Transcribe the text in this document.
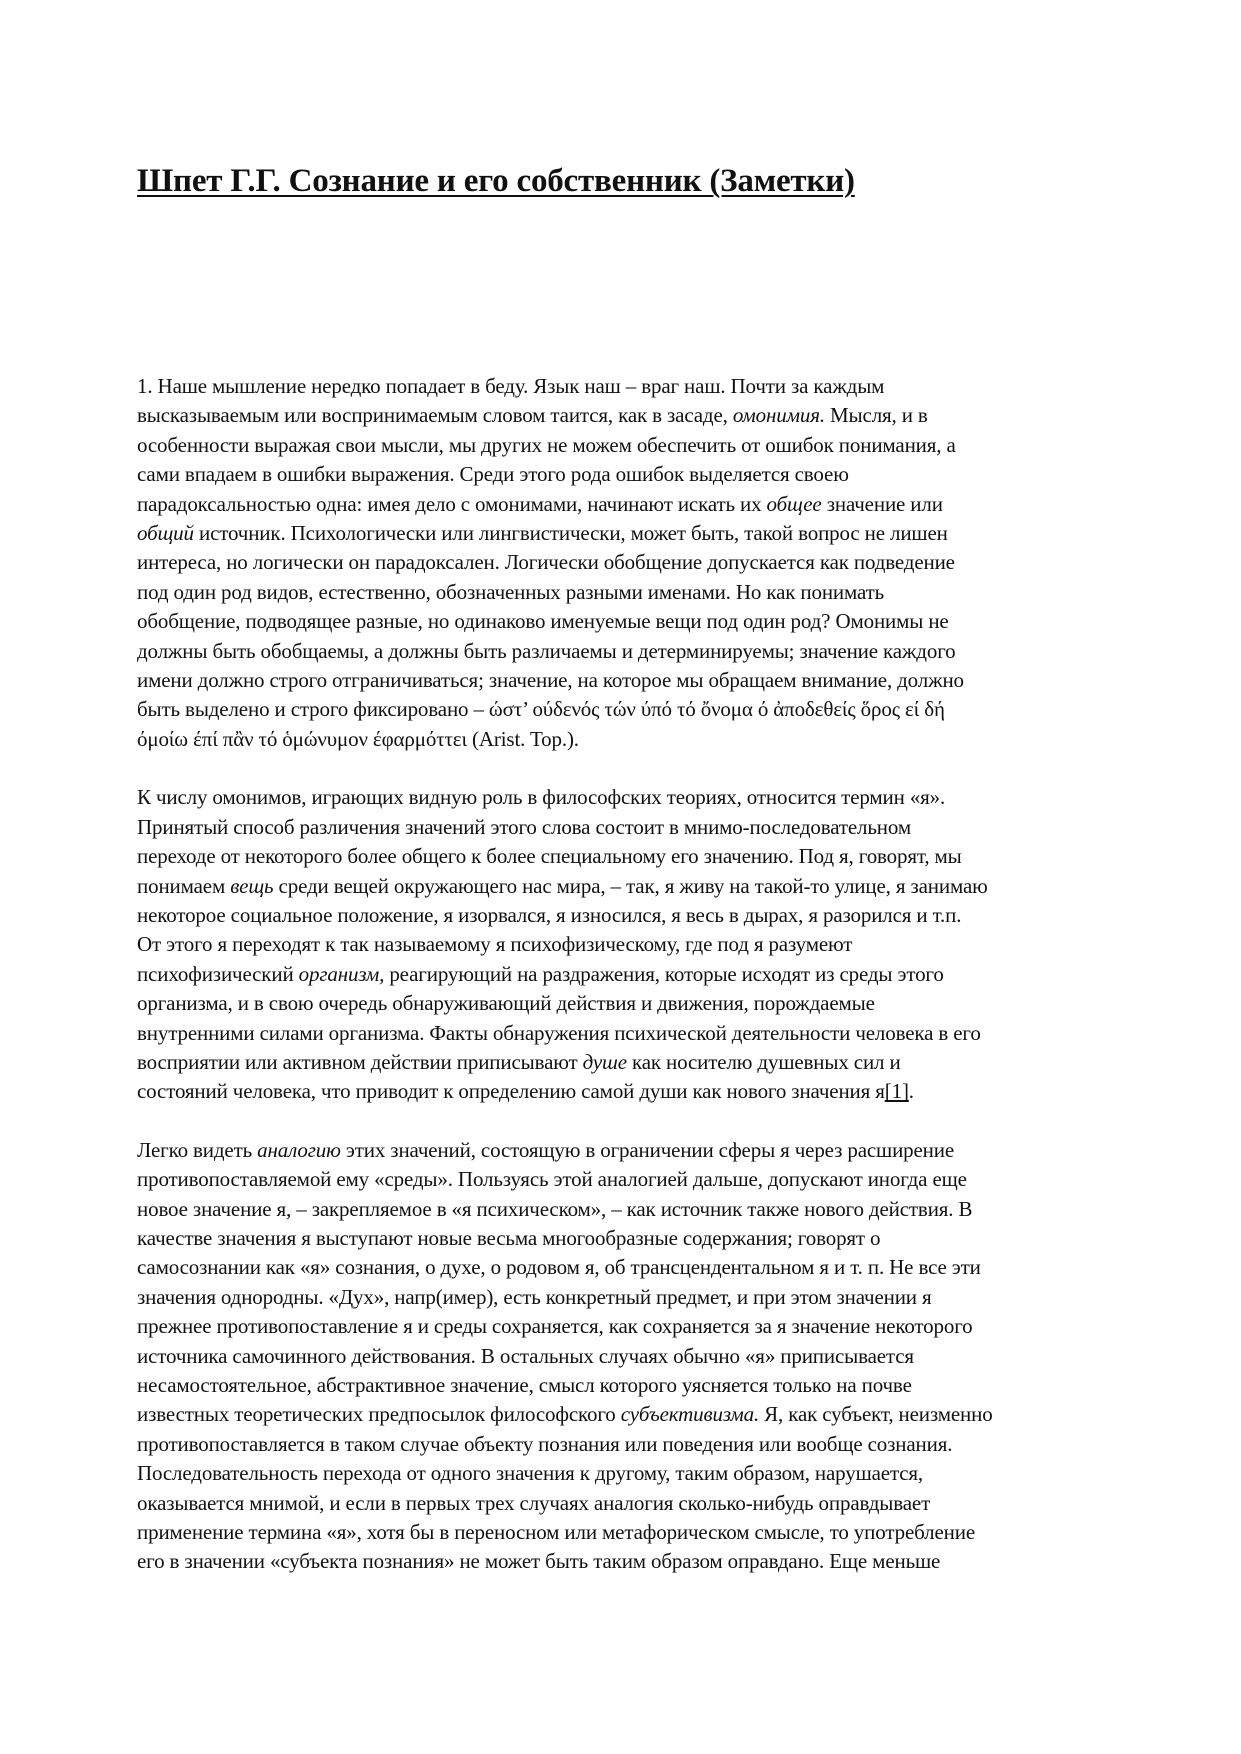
Шпет Г.Г. Сознание и его собственник (Заметки)

1. Наше мышление нередко попадает в беду. Язык наш – враг наш. Почти за каждым
высказываемым или воспринимаемым словом таится, как в засаде, омонимия. Мысля, и в
особенности выражая свои мысли, мы других не можем обеспечить от ошибок понимания, а
сами впадаем в ошибки выражения. Среди этого рода ошибок выделяется своею
парадоксальностью одна: имея дело с омонимами, начинают искать их общее значение или
общий источник. Психологически или лингвистически, может быть, такой вопрос не лишен
интереса, но логически он парадоксален. Логически обобщение допускается как подведение
под один род видов, естественно, обозначенных разными именами. Но как понимать
обобщение, подводящее разные, но одинаково именуемые вещи под один род? Омонимы не
должны быть обобщаемы, а должны быть различаемы и детерминируемы; значение каждого
имени должно строго отграничиваться; значение, на которое мы обращаем внимание, должно
быть выделено и строго фиксировано – ώστ’ ούδενός τών ύπό τό ὄνομα ό ἀποδεθείς ὅρος εί δή
όμοίω έπί πἂν τό ὁμώνυμον έφαρμόττει (Arist. Top.).

К числу омонимов, играющих видную роль в философских теориях, относится термин «я».
Принятый способ различения значений этого слова состоит в мнимо-последовательном
переходе от некоторого более общего к более специальному его значению. Под я, говорят, мы
понимаем вещь среди вещей окружающего нас мира, – так, я живу на такой-то улице, я занимаю
некоторое социальное положение, я изорвался, я износился, я весь в дырах, я разорился и т.п.
От этого я переходят к так называемому я психофизическому, где под я разумеют
психофизический организм, реагирующий на раздражения, которые исходят из среды этого
организма, и в свою очередь обнаруживающий действия и движения, порождаемые
внутренними силами организма. Факты обнаружения психической деятельности человека в его
восприятии или активном действии приписывают душе как носителю душевных сил и
состояний человека, что приводит к определению самой души как нового значения я[1].

Легко видеть аналогию этих значений, состоящую в ограничении сферы я через расширение
противопоставляемой ему «среды». Пользуясь этой аналогией дальше, допускают иногда еще
новое значение я, – закрепляемое в «я психическом», – как источник также нового действия. В
качестве значения я выступают новые весьма многообразные содержания; говорят о
самосознании как «я» сознания, о духе, о родовом я, об трансцендентальном я и т. п. Не все эти
значения однородны. «Дух», напр(имер), есть конкретный предмет, и при этом значении я
прежнее противопоставление я и среды сохраняется, как сохраняется за я значение некоторого
источника самочинного действования. В остальных случаях обычно «я» приписывается
несамостоятельное, абстрактивное значение, смысл которого уясняется только на почве
известных теоретических предпосылок философского субъективизма. Я, как субъект, неизменно
противопоставляется в таком случае объекту познания или поведения или вообще сознания.
Последовательность перехода от одного значения к другому, таким образом, нарушается,
оказывается мнимой, и если в первых трех случаях аналогия сколько-нибудь оправдывает
применение термина «я», хотя бы в переносном или метафорическом смысле, то употребление
его в значении «субъекта познания» не может быть таким образом оправдано. Еще меньше
